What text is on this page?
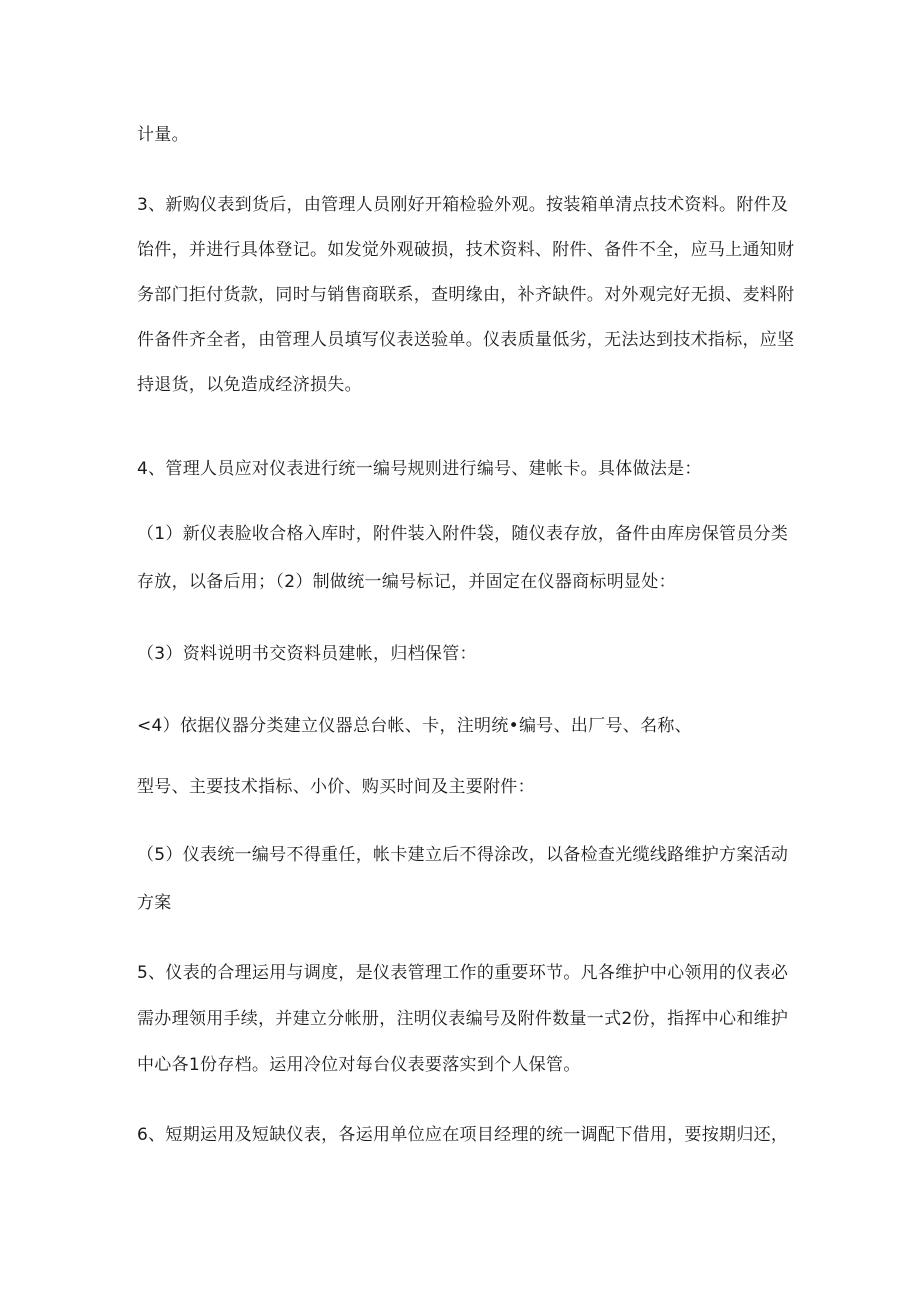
计量。
3、新购仪表到货后，由管理人员刚好开箱检验外观。按装箱单清点技术资料。附件及
饴件，并进行具体登记。如发觉外观破损，技术资料、附件、备件不全，应马上通知财
务部门拒付货款，同时与销售商联系，查明缘由，补齐缺件。对外观完好无损、麦料附
件备件齐全者，由管理人员填写仪表送验单。仪表质量低劣，无法达到技术指标，应坚
持退货，以免造成经济损失。
4、管理人员应对仪表进行统一编号规则进行编号、建帐卡。具体做法是：
（1）新仪表脸收合格入库时，附件装入附件袋，随仪表存放，备件由库房保管员分类
存放，以备后用；（2）制做统一编号标记，并固定在仪器商标明显处：
（3）资料说明书交资料员建帐，归档保管：
<4）依据仪器分类建立仪器总台帐、卡，注明统•编号、出厂号、名称、
型号、主要技术指标、小价、购买时间及主要附件：
（5）仪表统一编号不得重任，帐卡建立后不得涂改，以备检查光缆线路维护方案活动
方案
5、仪表的合理运用与调度，是仪表管理工作的重要环节。凡各维护中心领用的仪表必
需办理领用手续，并建立分帐册，注明仪表编号及附件数量一式2份，指挥中心和维护
中心各1份存档。运用冷位对每台仪表要落实到个人保管。
6、短期运用及短缺仪表，各运用单位应在项目经理的统一调配下借用，要按期归还，
